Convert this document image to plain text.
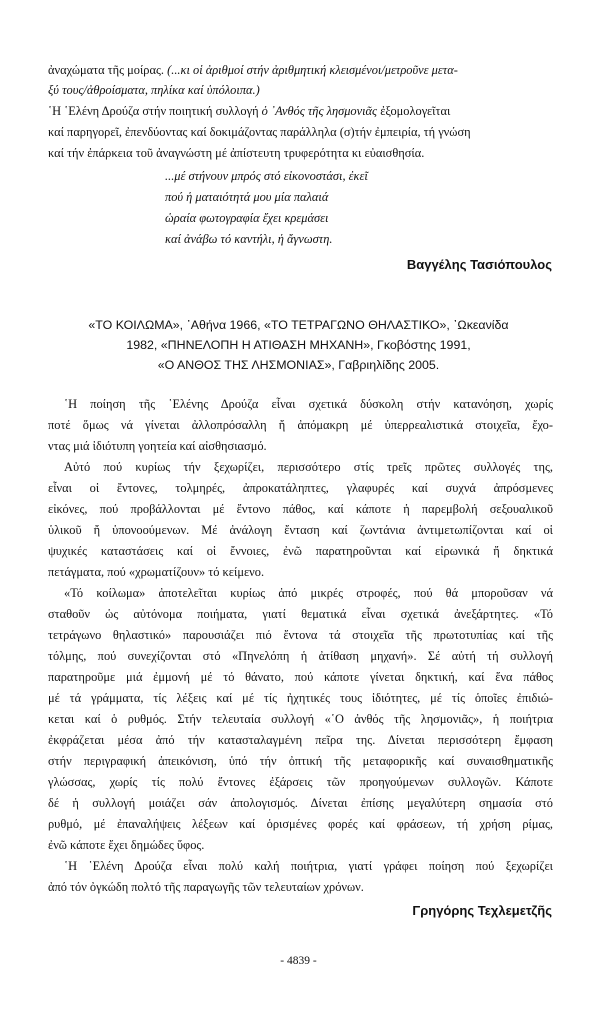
ἀναχώματα τῆς μοίρας. (...κι οἱ ἀριθμοί στήν ἀριθμητική κλεισμένοι/μετροῦνε μετα-
ξύ τους/ἀθροίσματα, πηλίκα καί ὑπόλοιπα.)
῾Η ῾Ελένη Δρούζα στήν ποιητική συλλογή ὁ ᾿Ανθός τῆς λησμονιᾶς ἐξομολογεῖται
καί παρηγορεῖ, ἐπενδύοντας καί δοκιμάζοντας παράλληλα (σ)τήν ἐμπειρία, τή γνώση
καί τήν ἐπάρκεια τοῦ ἀναγνώστη μέ ἀπίστευτη τρυφερότητα κι εὐαισθησία.
...μέ στήνουν μπρός στό εἰκονοστάσι, ἐκεῖ
πού ἡ ματαιότητά μου μία παλαιά
ὡραία φωτογραφία ἔχει κρεμάσει
καί ἀνάβω τό καντήλι, ἡ ἄγνωστη.
Βαγγέλης Τασιόπουλος
«ΤΟ ΚΟΙΛΩΜΑ», ᾿Αθήνα 1966, «ΤΟ ΤΕΤΡΑΓΩΝΟ ΘΗΛΑΣΤΙΚΟ», ᾿Ωκεανίδα
1982, «ΠΗΝΕΛΟΠΗ Η ΑΤΙΘΑΣΗ ΜΗΧΑΝΗ», Γκοβόστης 1991,
«Ο ΑΝΘΟΣ ΤΗΣ ΛΗΣΜΟΝΙΑΣ», Γαβριηλίδης 2005.
῾Η ποίηση τῆς ῾Ελένης Δρούζα εἶναι σχετικά δύσκολη στήν κατανόηση, χωρίς
ποτέ ὅμως νά γίνεται ἀλλοπρόσαλλη ἤ ἀπόμακρη μέ ὑπερρεαλιστικά στοιχεῖα, ἔχο-
ντας μιά ἰδιότυπη γοητεία καί αἰσθησιασμό.
Αὐτό πού κυρίως τήν ξεχωρίζει, περισσότερο στίς τρεῖς πρῶτες συλλογές της,
εἶναι οἱ ἔντονες, τολμηρές, ἀπροκατάληπτες, γλαφυρές καί συχνά ἀπρόσμενες
εἰκόνες, πού προβάλλονται μέ ἔντονο πάθος, καί κάποτε ἡ παρεμβολή σεξουαλικοῦ
ὑλικοῦ ἤ ὑπονοούμενων. Μέ ἀνάλογη ἔνταση καί ζωντάνια ἀντιμετωπίζονται καί οἱ
ψυχικές καταστάσεις καί οἱ ἔννοιες, ἐνῶ παρατηροῦνται καί εἰρωνικά ἤ δηκτικά
πετάγματα, πού «χρωματίζουν» τό κείμενο.
«Τό κοίλωμα» ἀποτελεῖται κυρίως ἀπό μικρές στροφές, πού θά μποροῦσαν νά
σταθοῦν ὡς αὐτόνομα ποιήματα, γιατί θεματικά εἶναι σχετικά ἀνεξάρτητες. «Τό
τετράγωνο θηλαστικό» παρουσιάζει πιό ἔντονα τά στοιχεῖα τῆς πρωτοτυπίας καί τῆς
τόλμης, πού συνεχίζονται στό «Πηνελόπη ἡ ἀτίθαση μηχανή». Σέ αὐτή τή συλλογή
παρατηροῦμε μιά ἐμμονή μέ τό θάνατο, πού κάποτε γίνεται δηκτική, καί ἕνα πάθος
μέ τά γράμματα, τίς λέξεις καί μέ τίς ἠχητικές τους ἰδιότητες, μέ τίς ὁποῖες ἐπιδιώ-
κεται καί ὁ ρυθμός. Στήν τελευταία συλλογή «῾Ο ἀνθός τῆς λησμονιᾶς», ἡ ποιήτρια
ἐκφράζεται μέσα ἀπό τήν κατασταλαγμένη πεῖρα της. Δίνεται περισσότερη ἔμφαση
στήν περιγραφική ἀπεικόνιση, ὑπό τήν ὀπτική τῆς μεταφορικῆς καί συναισθηματικῆς
γλώσσας, χωρίς τίς πολύ ἔντονες ἐξάρσεις τῶν προηγούμενων συλλογῶν. Κάποτε
δέ ἡ συλλογή μοιάζει σάν ἀπολογισμός. Δίνεται ἐπίσης μεγαλύτερη σημασία στό
ρυθμό, μέ ἐπαναλήψεις λέξεων καί ὁρισμένες φορές καί φράσεων, τή χρήση ρίμας,
ἐνῶ κάποτε ἔχει δημώδες ὕφος.
῾Η ῾Ελένη Δρούζα εἶναι πολύ καλή ποιήτρια, γιατί γράφει ποίηση πού ξεχωρίζει
ἀπό τόν ὀγκώδη πολτό τῆς παραγωγῆς τῶν τελευταίων χρόνων.
Γρηγόρης Τεχλεμετζῆς
- 4839 -
